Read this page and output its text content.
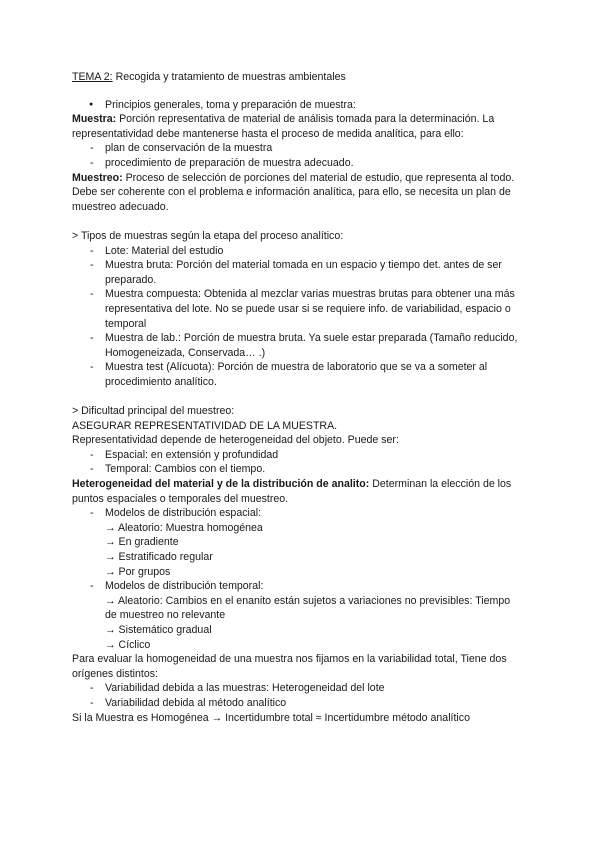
TEMA 2: Recogida y tratamiento de muestras ambientales

● Principios generales, toma y preparación de muestra:

Muestra: Porción representativa de material de análisis tomada para la determinación. La representatividad debe mantenerse hasta el proceso de medida analítica, para ello:

- plan de conservación de la muestra

- procedimiento de preparación de muestra adecuado.

Muestreo: Proceso de selección de porciones del material de estudio, que representa al todo. Debe ser coherente con el problema e información analítica, para ello, se necesita un plan de muestreo adecuado.

> Tipos de muestras según la etapa del proceso analítico:

- Lote: Material del estudio

- Muestra bruta: Porción del material tomada en un espacio y tiempo det. antes de ser preparado.

- Muestra compuesta: Obtenida al mezclar varias muestras brutas para obtener una más representativa del lote. No se puede usar si se requiere info. de variabilidad, espacio o temporal

- Muestra de lab.: Porción de muestra bruta. Ya suele estar preparada (Tamaño reducido, Homogeneizada, Conservada… .)

- Muestra test (Alícuota): Porción de muestra de laboratorio que se va a someter al procedimiento analítico.

> Dificultad principal del muestreo:

ASEGURAR REPRESENTATIVIDAD DE LA MUESTRA.

Representatividad depende de heterogeneidad del objeto. Puede ser:

- Espacial: en extensión y profundidad

- Temporal: Cambios con el tiempo.

Heterogeneidad del material y de la distribución de analito: Determinan la elección de los puntos espaciales o temporales del muestreo.

- Modelos de distribución espacial:

→ Aleatorio: Muestra homogénea

→ En gradiente

→ Estratificado regular

→ Por grupos

- Modelos de distribución temporal:

→ Aleatorio: Cambios en el enanito están sujetos a variaciones no previsibles: Tiempo de muestreo no relevante

→ Sistemático gradual

→ Cíclico

Para evaluar la homogeneidad de una muestra nos fijamos en la variabilidad total, Tiene dos orígenes distintos:

- Variabilidad debida a las muestras: Heterogeneidad del lote

- Variabilidad debida al método analítico

Si la Muestra es Homogénea → Incertidumbre total ≈ Incertidumbre método analítico
